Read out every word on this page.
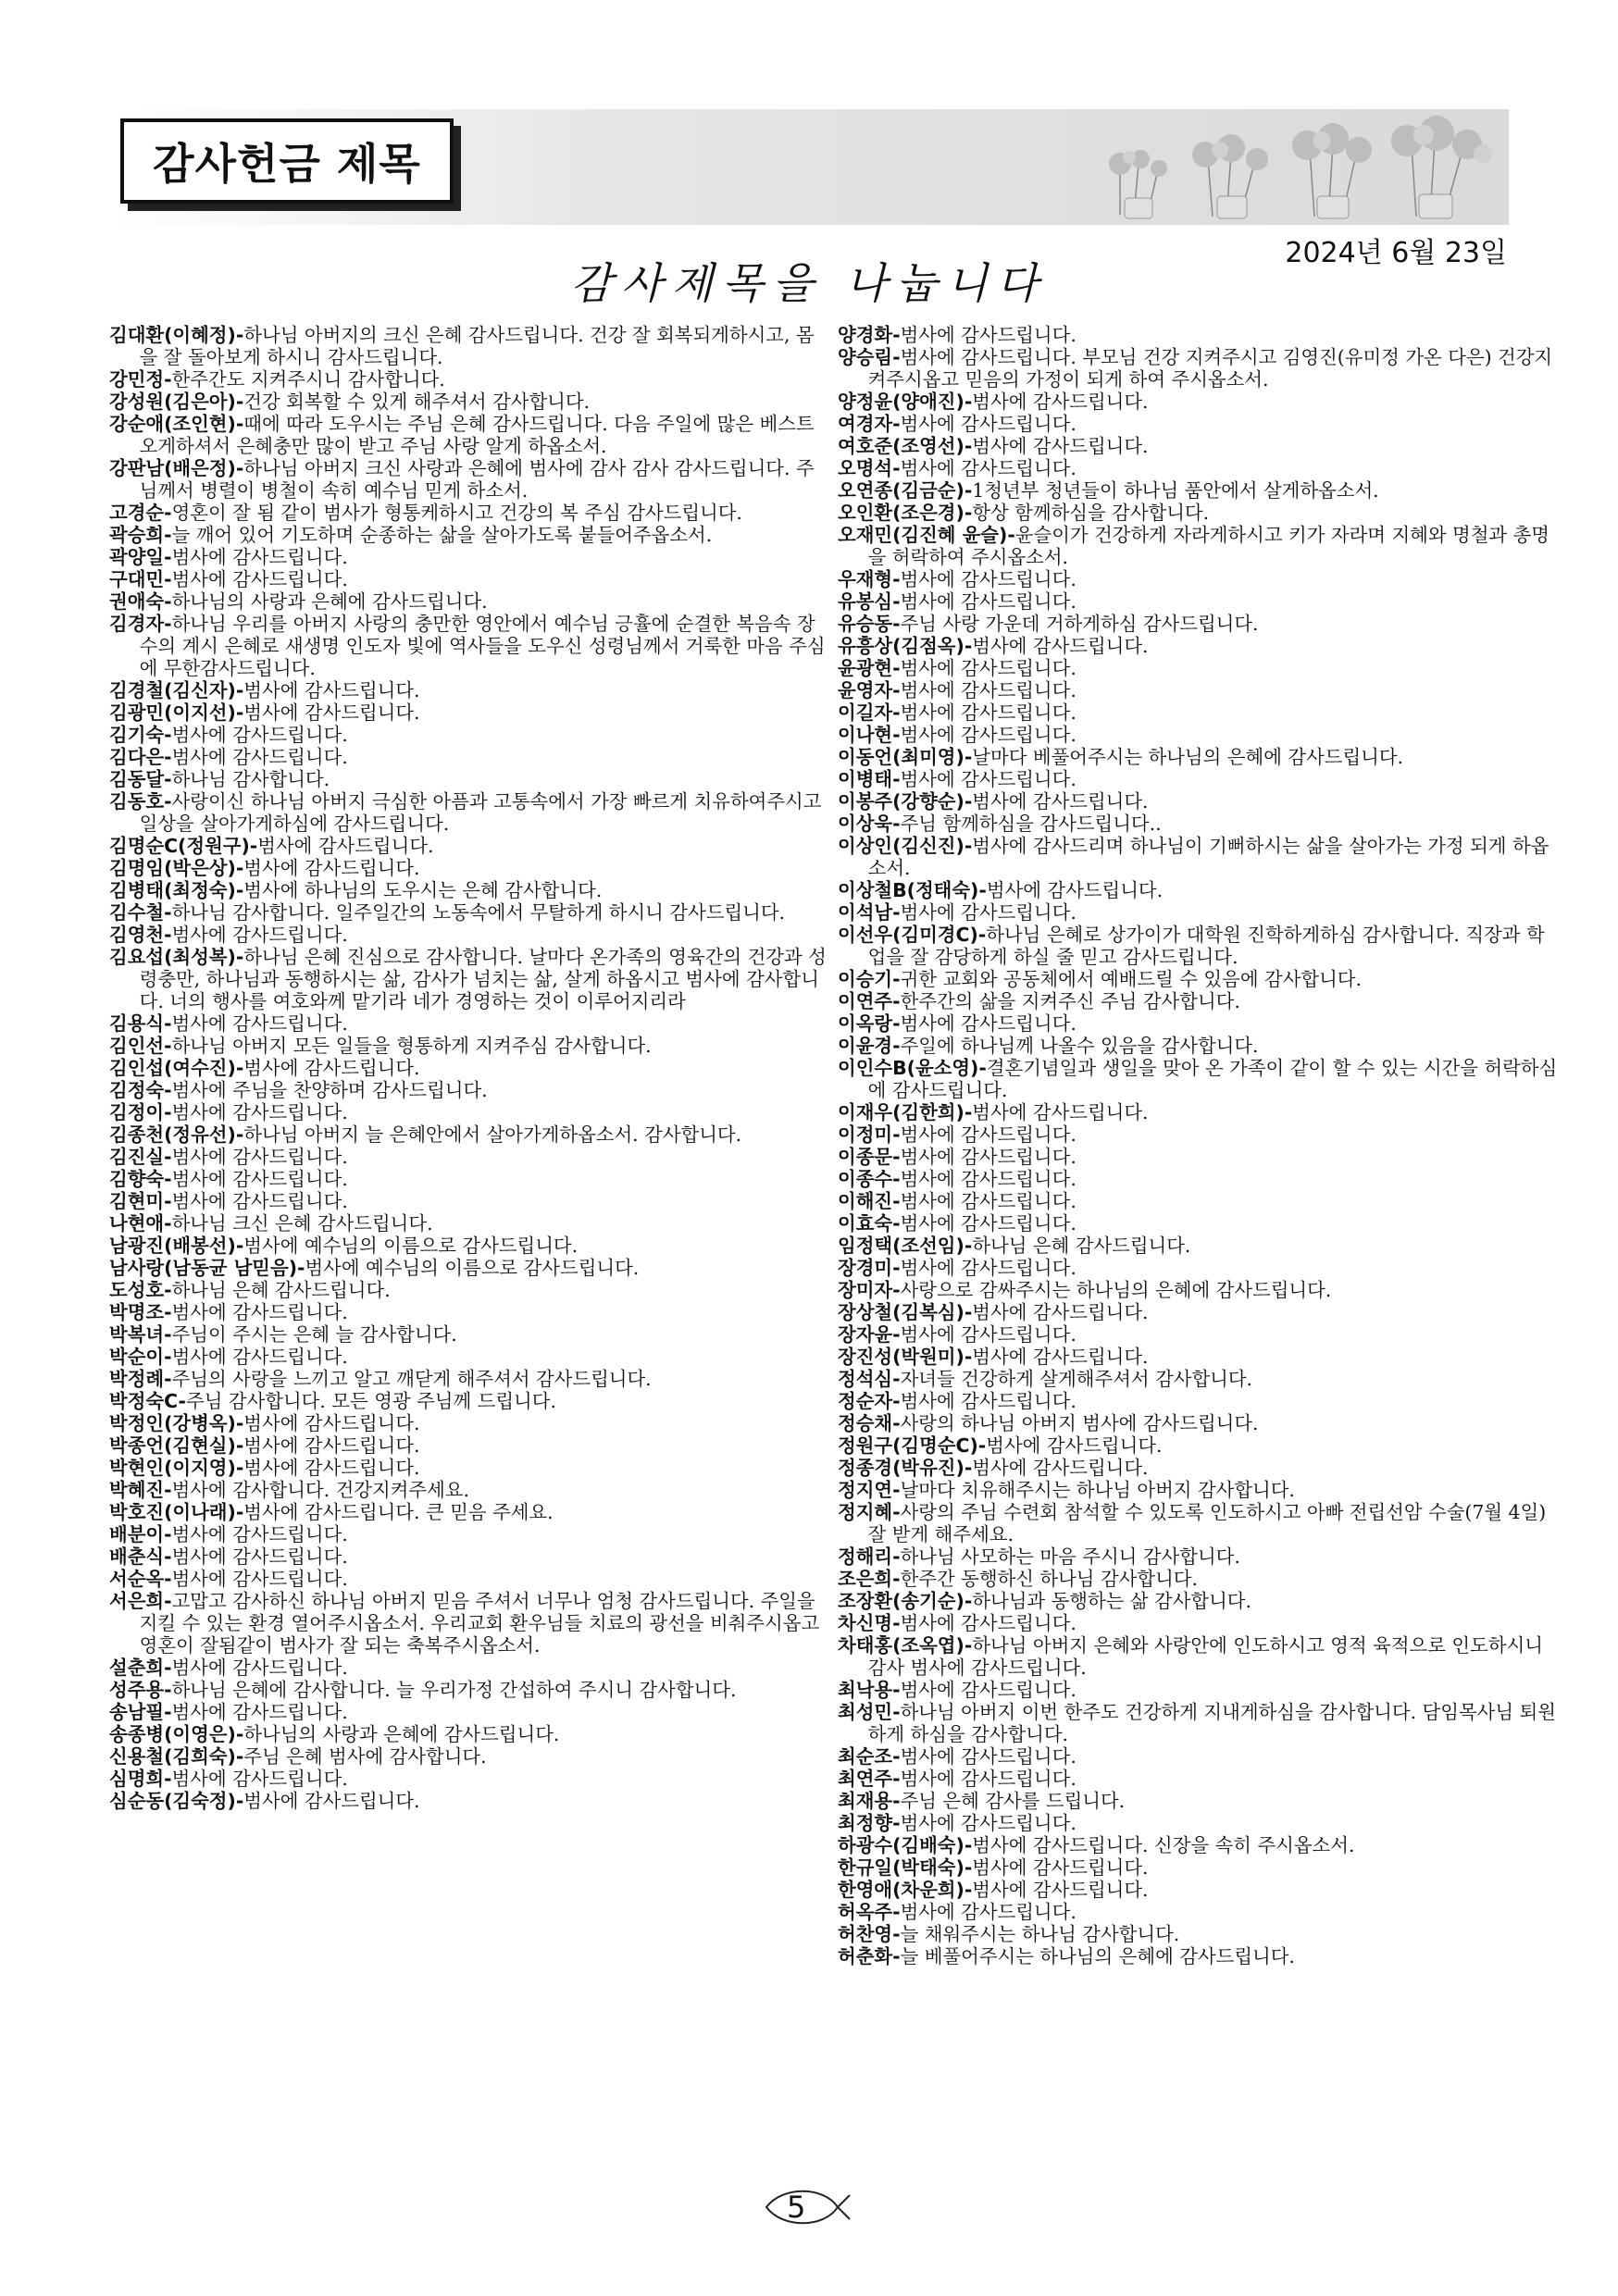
감사헌금 제목
2024년 6월 23일
감사제목을 나눕니다

김대환(이혜정)-하나님 아버지의 크신 은혜 감사드립니다. 건강 잘 회복되게하시고, 몸을 잘 돌아보게 하시니 감사드립니다.

강민정-한주간도 지켜주시니 감사합니다.

강성원(김은아)-건강 회복할 수 있게 해주셔서 감사합니다.

강순애(조인현)-때에 따라 도우시는 주님 은혜 감사드립니다. 다음 주일에 많은 베스트 오게하셔서 은혜충만 많이 받고 주님 사랑 알게 하옵소서.

강판남(배은정)-하나님 아버지 크신 사랑과 은혜에 범사에 감사 감사 감사드립니다. 주님께서 병렬이 병철이 속히 예수님 믿게 하소서.

고경순-영혼이 잘 됨 같이 범사가 형통케하시고 건강의 복 주심 감사드립니다.

곽승희-늘 깨어 있어 기도하며 순종하는 삶을 살아가도록 붙들어주옵소서.

곽양일-범사에 감사드립니다.

구대민-범사에 감사드립니다.

권애숙-하나님의 사랑과 은혜에 감사드립니다.

김경자-하나님 우리를 아버지 사랑의 충만한 영안에서 예수님 긍휼에 순결한 복음속 장수의 계시 은혜로 새생명 인도자 빛에 역사들을 도우신 성령님께서 거룩한 마음 주심에 무한감사드립니다.

김경철(김신자)-범사에 감사드립니다.

김광민(이지선)-범사에 감사드립니다.

김기숙-범사에 감사드립니다.

김다은-범사에 감사드립니다.

김동달-하나님 감사합니다.

김동호-사랑이신 하나님 아버지 극심한 아픔과 고통속에서 가장 빠르게 치유하여주시고 일상을 살아가게하심에 감사드립니다.

김명순C(정원구)-범사에 감사드립니다.

김명임(박은상)-범사에 감사드립니다.

김병태(최정숙)-범사에 하나님의 도우시는 은혜 감사합니다.

김수철-하나님 감사합니다. 일주일간의 노동속에서 무탈하게 하시니 감사드립니다.

김영천-범사에 감사드립니다.

김요섭(최성복)-하나님 은혜 진심으로 감사합니다. 날마다 온가족의 영육간의 건강과 성령충만, 하나님과 동행하시는 삶, 감사가 넘치는 삶, 살게 하옵시고 범사에 감사합니다. 너의 행사를 여호와께 맡기라 네가 경영하는 것이 이루어지리라

김용식-범사에 감사드립니다.

김인선-하나님 아버지 모든 일들을 형통하게 지켜주심 감사합니다.

김인섭(여수진)-범사에 감사드립니다.

김정숙-범사에 주님을 찬양하며 감사드립니다.

김정이-범사에 감사드립니다.

김종천(정유선)-하나님 아버지 늘 은혜안에서 살아가게하옵소서. 감사합니다.

김진실-범사에 감사드립니다.

김향숙-범사에 감사드립니다.

김현미-범사에 감사드립니다.

나현애-하나님 크신 은혜 감사드립니다.

남광진(배봉선)-범사에 예수님의 이름으로 감사드립니다.

남사랑(남동균 남믿음)-범사에 예수님의 이름으로 감사드립니다.

도성호-하나님 은혜 감사드립니다.

박명조-범사에 감사드립니다.

박복녀-주님이 주시는 은혜 늘 감사합니다.

박순이-범사에 감사드립니다.

박정례-주님의 사랑을 느끼고 알고 깨닫게 해주셔서 감사드립니다.

박정숙C-주님 감사합니다. 모든 영광 주님께 드립니다.

박정인(강병옥)-범사에 감사드립니다.

박종언(김현실)-범사에 감사드립니다.

박현인(이지영)-범사에 감사드립니다.

박혜진-범사에 감사합니다. 건강지켜주세요.

박호진(이나래)-범사에 감사드립니다. 큰 믿음 주세요.

배분이-범사에 감사드립니다.

배춘식-범사에 감사드립니다.

서순옥-범사에 감사드립니다.

서은희-고맙고 감사하신 하나님 아버지 믿음 주셔서 너무나 엄청 감사드립니다. 주일을 지킬 수 있는 환경 열어주시옵소서. 우리교회 환우님들 치료의 광선을 비춰주시옵고 영혼이 잘됨같이 범사가 잘 되는 축복주시옵소서.

설춘희-범사에 감사드립니다.

성주용-하나님 은혜에 감사합니다. 늘 우리가정 간섭하여 주시니 감사합니다.

송남필-범사에 감사드립니다.

송종병(이영은)-하나님의 사랑과 은혜에 감사드립니다.

신용철(김희숙)-주님 은혜 범사에 감사합니다.

심명희-범사에 감사드립니다.

심순동(김숙정)-범사에 감사드립니다.

양경화-범사에 감사드립니다.

양승림-범사에 감사드립니다. 부모님 건강 지켜주시고 김영진(유미정 가온 다은) 건강지켜주시옵고 믿음의 가정이 되게 하여 주시옵소서.

양정윤(양애진)-범사에 감사드립니다.

여경자-범사에 감사드립니다.

여호준(조영선)-범사에 감사드립니다.

오명석-범사에 감사드립니다.

오연종(김금순)-1청년부 청년들이 하나님 품안에서 살게하옵소서.

오인환(조은경)-항상 함께하심을 감사합니다.

오재민(김진혜 윤슬)-윤슬이가 건강하게 자라게하시고 키가 자라며 지혜와 명철과 총명을 허락하여 주시옵소서.

우재형-범사에 감사드립니다.

유봉심-범사에 감사드립니다.

유승동-주님 사랑 가운데 거하게하심 감사드립니다.

유흥상(김점옥)-범사에 감사드립니다.

윤광현-범사에 감사드립니다.

윤영자-범사에 감사드립니다.

이길자-범사에 감사드립니다.

이나현-범사에 감사드립니다.

이동언(최미영)-날마다 베풀어주시는 하나님의 은혜에 감사드립니다.

이병태-범사에 감사드립니다.

이봉주(강향순)-범사에 감사드립니다.

이상욱-주님 함께하심을 감사드립니다..

이상인(김신진)-범사에 감사드리며 하나님이 기뻐하시는 삶을 살아가는 가정 되게 하옵소서.

이상철B(정태숙)-범사에 감사드립니다.

이석남-범사에 감사드립니다.

이선우(김미경C)-하나님 은혜로 상가이가 대학원 진학하게하심 감사합니다. 직장과 학업을 잘 감당하게 하실 줄 믿고 감사드립니다.

이승기-귀한 교회와 공동체에서 예배드릴 수 있음에 감사합니다.

이연주-한주간의 삶을 지켜주신 주님 감사합니다.

이옥랑-범사에 감사드립니다.

이윤경-주일에 하나님께 나올수 있음을 감사합니다.

이인수B(윤소영)-결혼기념일과 생일을 맞아 온 가족이 같이 할 수 있는 시간을 허락하심에 감사드립니다.

이재우(김한희)-범사에 감사드립니다.

이정미-범사에 감사드립니다.

이종문-범사에 감사드립니다.

이종수-범사에 감사드립니다.

이해진-범사에 감사드립니다.

이효숙-범사에 감사드립니다.

임정택(조선임)-하나님 은혜 감사드립니다.

장경미-범사에 감사드립니다.

장미자-사랑으로 감싸주시는 하나님의 은혜에 감사드립니다.

장상철(김복심)-범사에 감사드립니다.

장자윤-범사에 감사드립니다.

장진성(박원미)-범사에 감사드립니다.

정석심-자녀들 건강하게 살게해주셔서 감사합니다.

정순자-범사에 감사드립니다.

정승채-사랑의 하나님 아버지 범사에 감사드립니다.

정원구(김명순C)-범사에 감사드립니다.

정종경(박유진)-범사에 감사드립니다.

정지연-날마다 치유해주시는 하나님 아버지 감사합니다.

정지혜-사랑의 주님 수련회 참석할 수 있도록 인도하시고 아빠 전립선암 수술(7월 4일) 잘 받게 해주세요.

정해리-하나님 사모하는 마음 주시니 감사합니다.

조은희-한주간 동행하신 하나님 감사합니다.

조장환(송기순)-하나님과 동행하는 삶 감사합니다.

차신명-범사에 감사드립니다.

차태홍(조옥엽)-하나님 아버지 은혜와 사랑안에 인도하시고 영적 육적으로 인도하시니 감사 범사에 감사드립니다.

최낙용-범사에 감사드립니다.

최성민-하나님 아버지 이번 한주도 건강하게 지내게하심을 감사합니다. 담임목사님 퇴원하게 하심을 감사합니다.

최순조-범사에 감사드립니다.

최연주-범사에 감사드립니다.

최재용-주님 은혜 감사를 드립니다.

최정향-범사에 감사드립니다.

하광수(김배숙)-범사에 감사드립니다. 신장을 속히 주시옵소서.

한규일(박태숙)-범사에 감사드립니다.

한영애(차운희)-범사에 감사드립니다.

허옥주-범사에 감사드립니다.

허찬영-늘 채워주시는 하나님 감사합니다.

허춘화-늘 베풀어주시는 하나님의 은혜에 감사드립니다.

5
